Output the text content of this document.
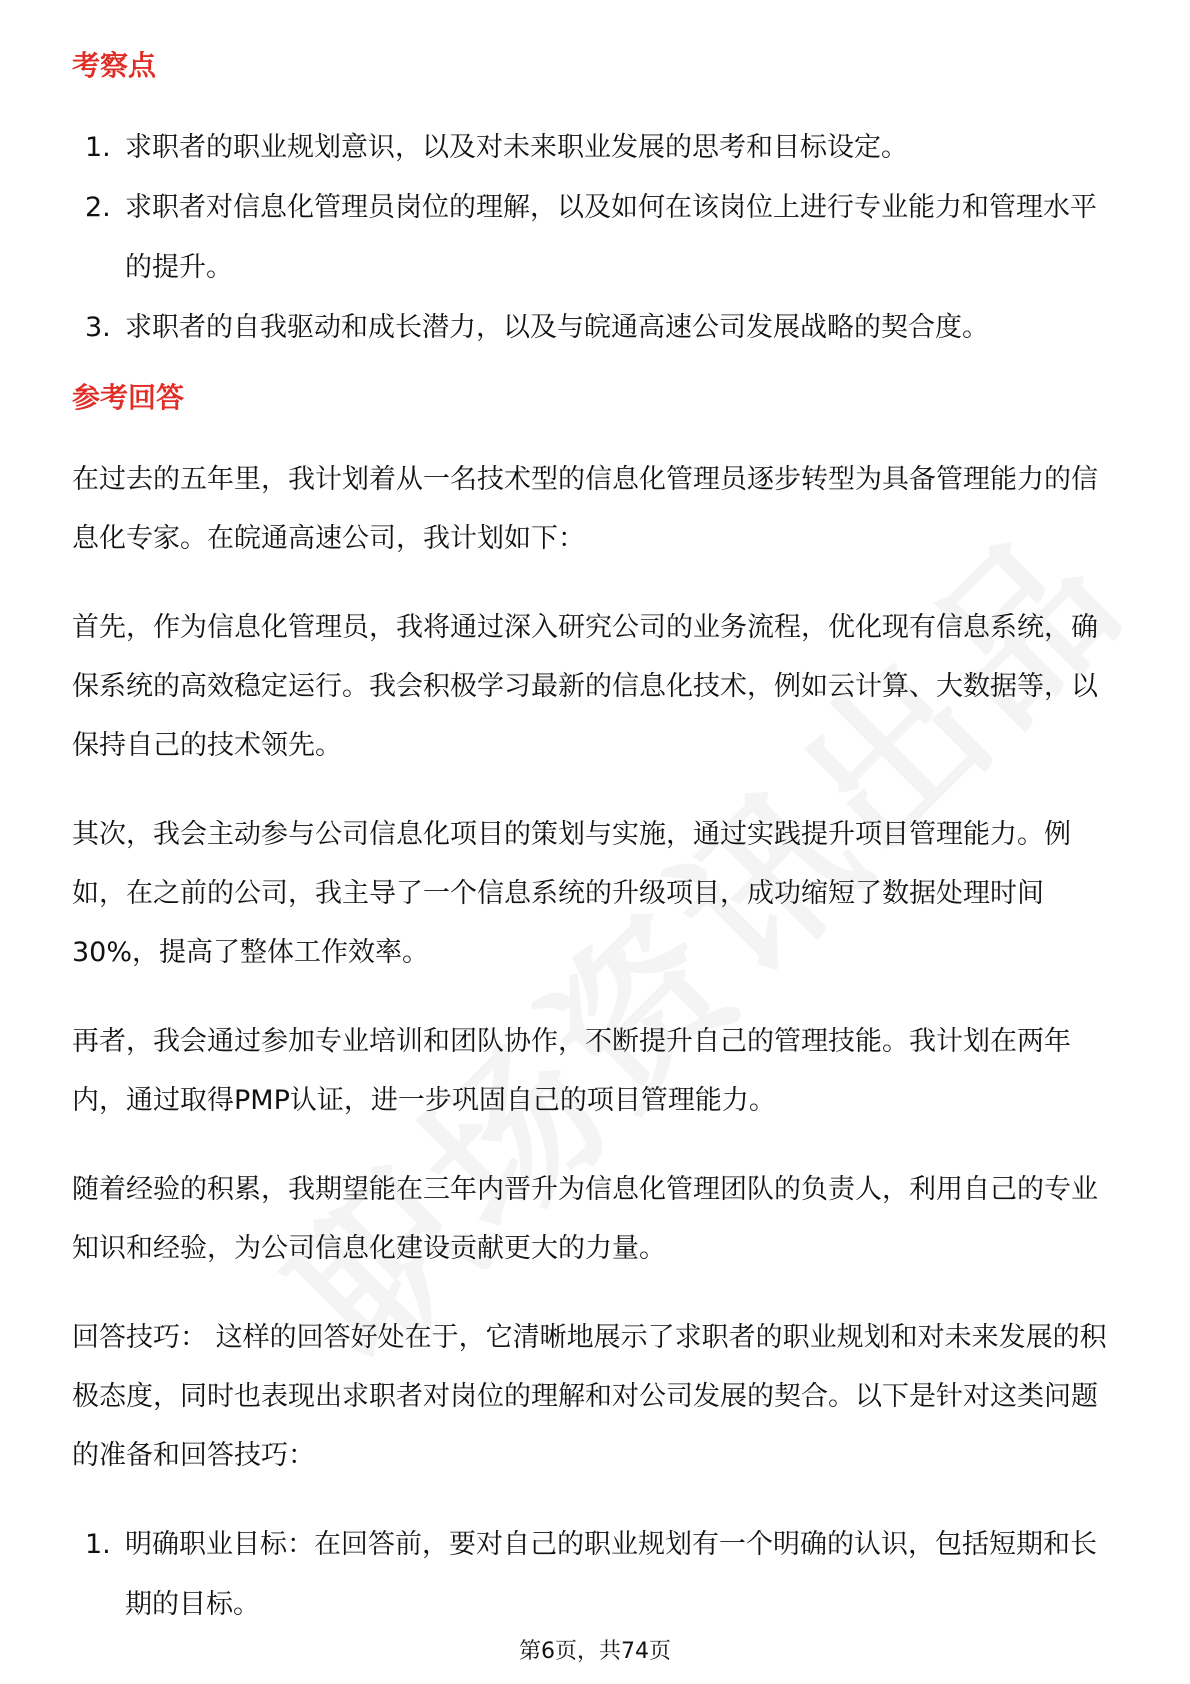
考察点
1. 求职者的职业规划意识，以及对未来职业发展的思考和目标设定。
2. 求职者对信息化管理员岗位的理解，以及如何在该岗位上进行专业能力和管理水平的提升。
3. 求职者的自我驱动和成长潜力，以及与皖通高速公司发展战略的契合度。
参考回答

在过去的五年里，我计划着从一名技术型的信息化管理员逐步转型为具备管理能力的信息化专家。在皖通高速公司，我计划如下：

首先，作为信息化管理员，我将通过深入研究公司的业务流程，优化现有信息系统，确保系统的高效稳定运行。我会积极学习最新的信息化技术，例如云计算、大数据等，以保持自己的技术领先。

其次，我会主动参与公司信息化项目的策划与实施，通过实践提升项目管理能力。例如，在之前的公司，我主导了一个信息系统的升级项目，成功缩短了数据处理时间30%，提高了整体工作效率。

再者，我会通过参加专业培训和团队协作，不断提升自己的管理技能。我计划在两年内，通过取得PMP认证，进一步巩固自己的项目管理能力。

随着经验的积累，我期望能在三年内晋升为信息化管理团队的负责人，利用自己的专业知识和经验，为公司信息化建设贡献更大的力量。

回答技巧： 这样的回答好处在于，它清晰地展示了求职者的职业规划和对未来发展的积极态度，同时也表现出求职者对岗位的理解和对公司发展的契合。以下是针对这类问题的准备和回答技巧：

1. 明确职业目标：在回答前，要对自己的职业规划有一个明确的认识，包括短期和长期的目标。
第6页，共74页
